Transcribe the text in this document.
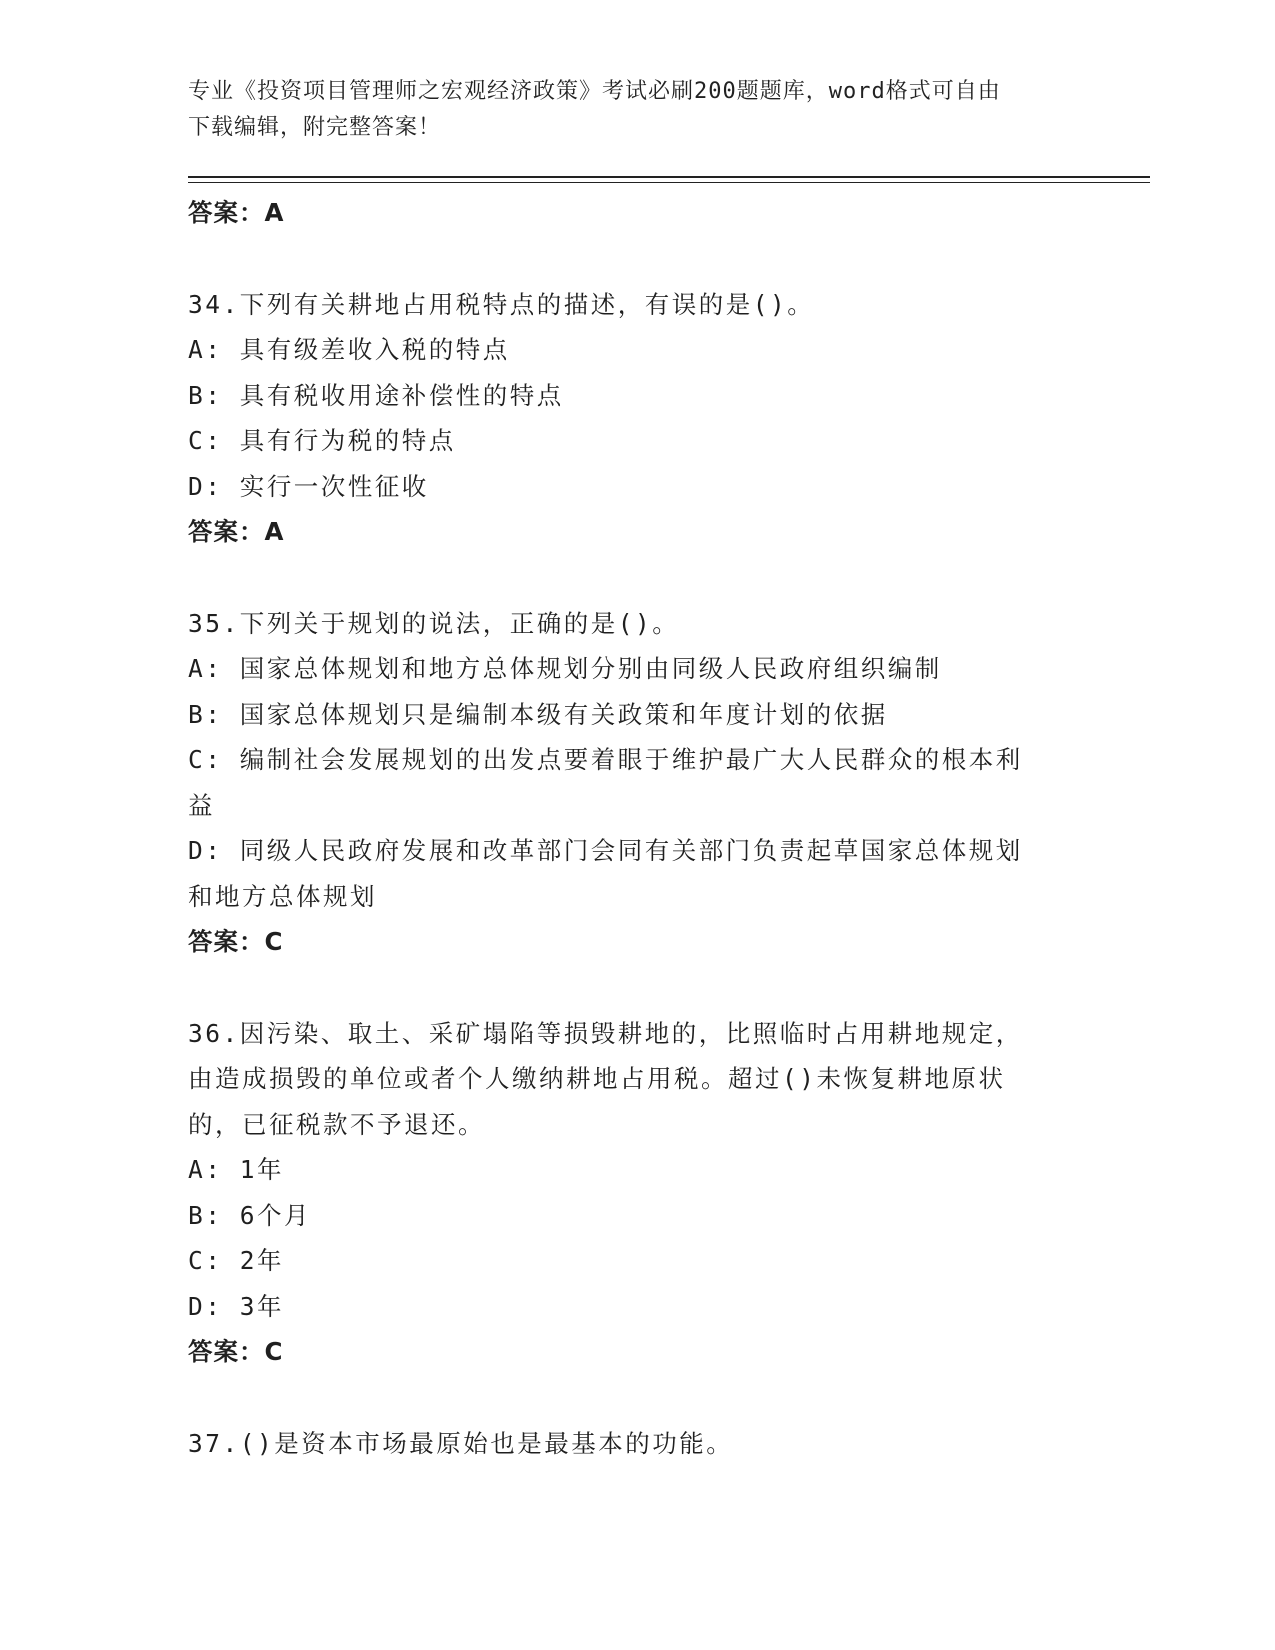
专业《投资项目管理师之宏观经济政策》考试必刷200题题库，word格式可自由
下载编辑，附完整答案！
答案：A
34.下列有关耕地占用税特点的描述，有误的是()。
A: 具有级差收入税的特点
B: 具有税收用途补偿性的特点
C: 具有行为税的特点
D: 实行一次性征收
答案：A
35.下列关于规划的说法，正确的是()。
A: 国家总体规划和地方总体规划分别由同级人民政府组织编制
B: 国家总体规划只是编制本级有关政策和年度计划的依据
C: 编制社会发展规划的出发点要着眼于维护最广大人民群众的根本利
益
D: 同级人民政府发展和改革部门会同有关部门负责起草国家总体规划
和地方总体规划
答案：C
36.因污染、取土、采矿塌陷等损毁耕地的，比照临时占用耕地规定，
由造成损毁的单位或者个人缴纳耕地占用税。超过()未恢复耕地原状
的，已征税款不予退还。
A: 1年
B: 6个月
C: 2年
D: 3年
答案：C
37.()是资本市场最原始也是最基本的功能。
